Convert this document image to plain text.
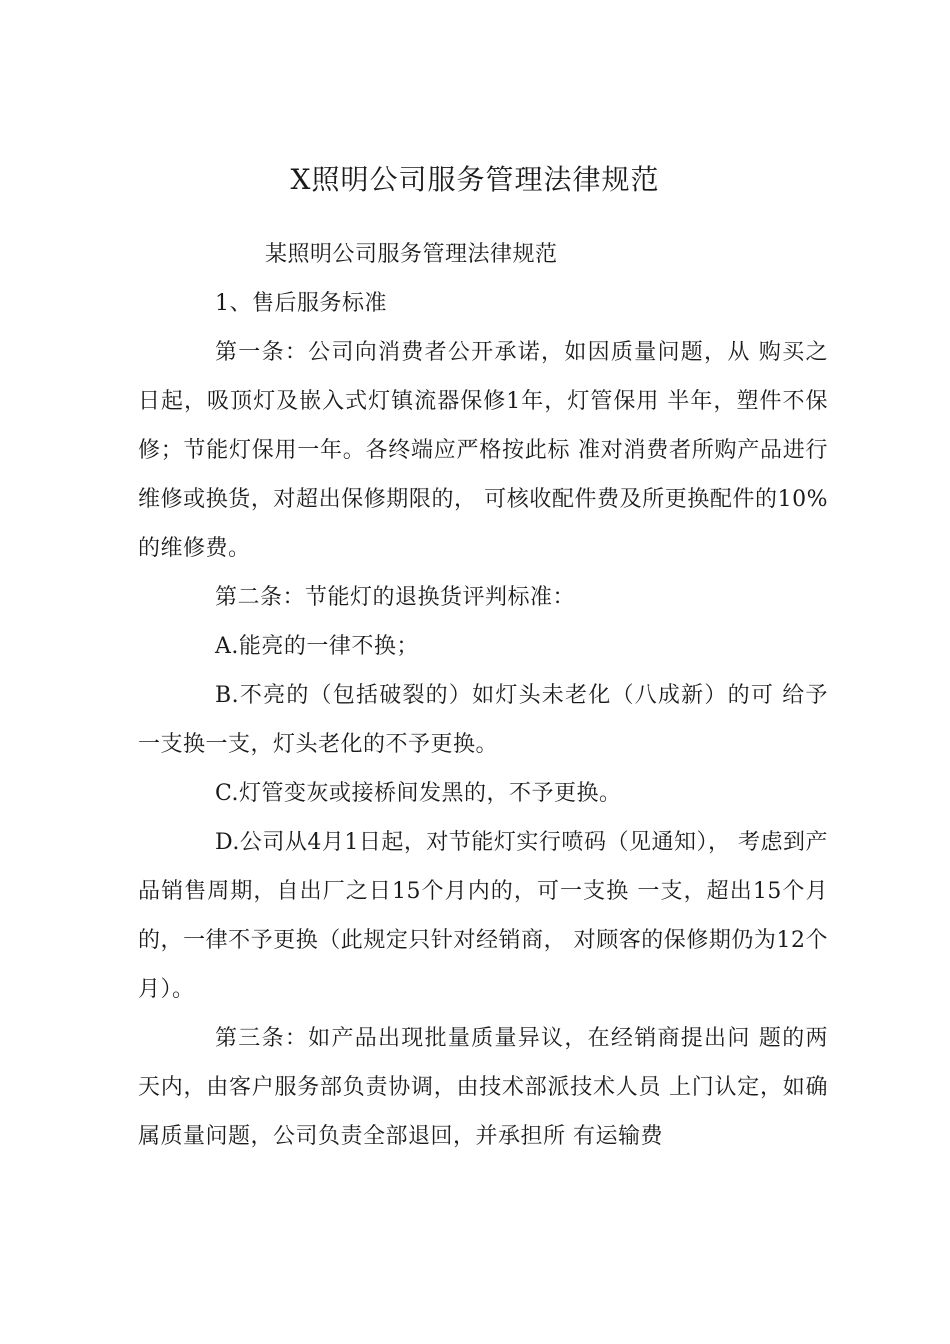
X照明公司服务管理法律规范

某照明公司服务管理法律规范

1、售后服务标准

第一条：公司向消费者公开承诺，如因质量问题，从 购买之日起，吸顶灯及嵌入式灯镇流器保修1年，灯管保用 半年，塑件不保修；节能灯保用一年。各终端应严格按此标 准对消费者所购产品进行维修或换货，对超出保修期限的， 可核收配件费及所更换配件的10%的维修费。

第二条：节能灯的退换货评判标准：

A.能亮的一律不换；

B.不亮的（包括破裂的）如灯头未老化（八成新）的可 给予一支换一支，灯头老化的不予更换。

C.灯管变灰或接桥间发黑的，不予更换。

D.公司从4月1日起，对节能灯实行喷码（见通知）， 考虑到产品销售周期，自出厂之日15个月内的，可一支换 一支，超出15个月的，一律不予更换（此规定只针对经销商， 对顾客的保修期仍为12个月）。

第三条：如产品出现批量质量异议，在经销商提出问 题的两天内，由客户服务部负责协调，由技术部派技术人员 上门认定，如确属质量问题，公司负责全部退回，并承担所 有运输费
